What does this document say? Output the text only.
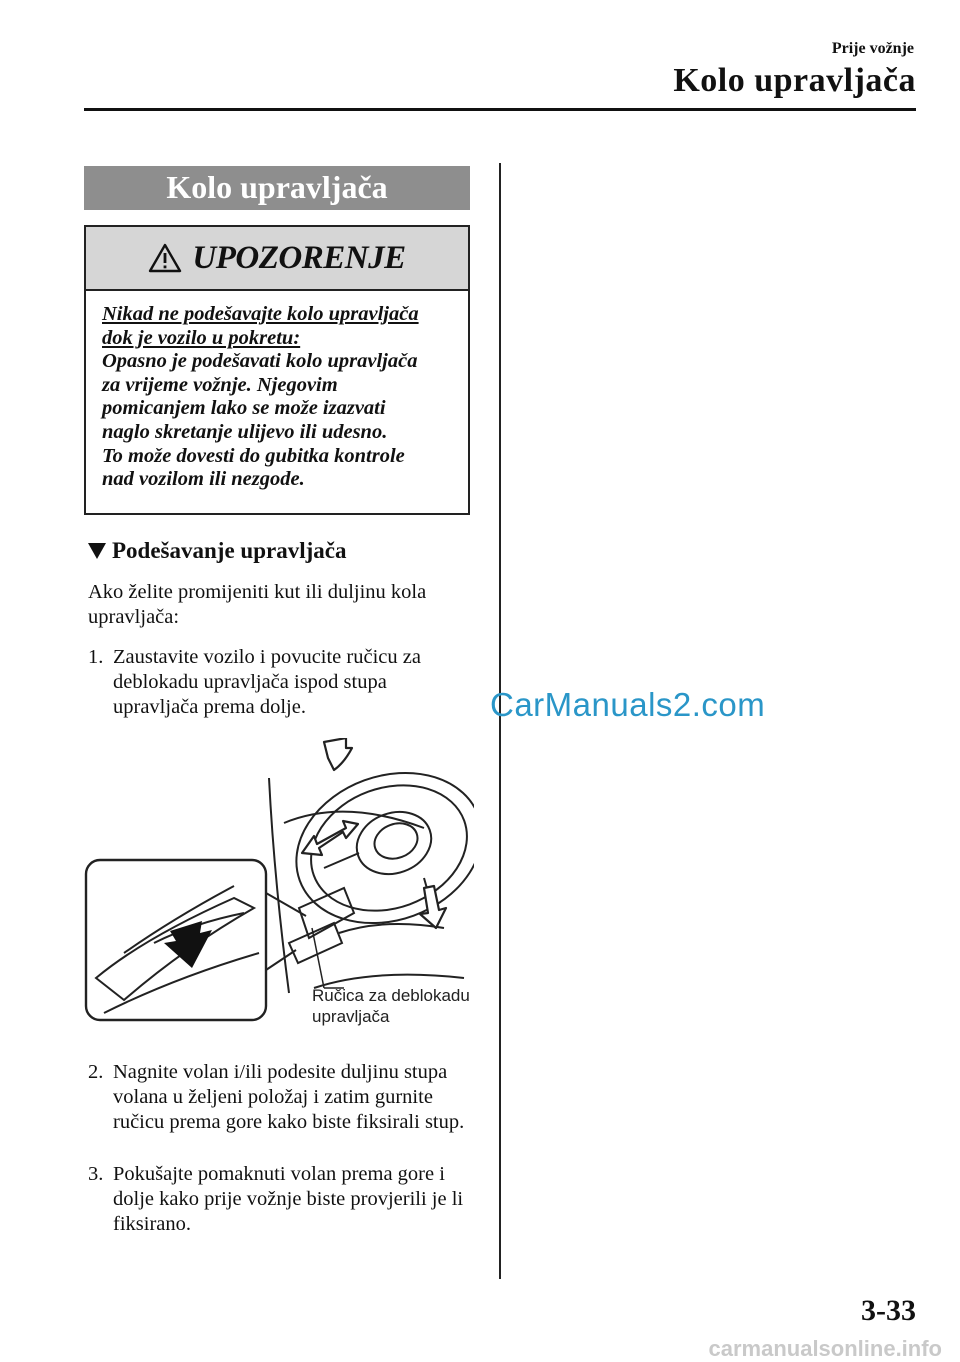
Prije vožnje
Kolo upravljača
Kolo upravljača
UPOZORENJE
Nikad ne podešavajte kolo upravljača
dok je vozilo u pokretu:
Opasno je podešavati kolo upravljača
za vrijeme vožnje. Njegovim
pomicanjem lako se može izazvati
naglo skretanje ulijevo ili udesno.
To može dovesti do gubitka kontrole
nad vozilom ili nezgode.
Podešavanje upravljača
Ako želite promijeniti kut ili duljinu kola upravljača:
1. Zaustavite vozilo i povucite ručicu za deblokadu upravljača ispod stupa upravljača prema dolje.
Ručica za deblokadu
upravljača
2. Nagnite volan i/ili podesite duljinu stupa volana u željeni položaj i zatim gurnite ručicu prema gore kako biste fiksirali stup.
3. Pokušajte pomaknuti volan prema gore i dolje kako prije vožnje biste provjerili je li fiksirano.
CarManuals2.com
3-33
carmanualsonline.info
